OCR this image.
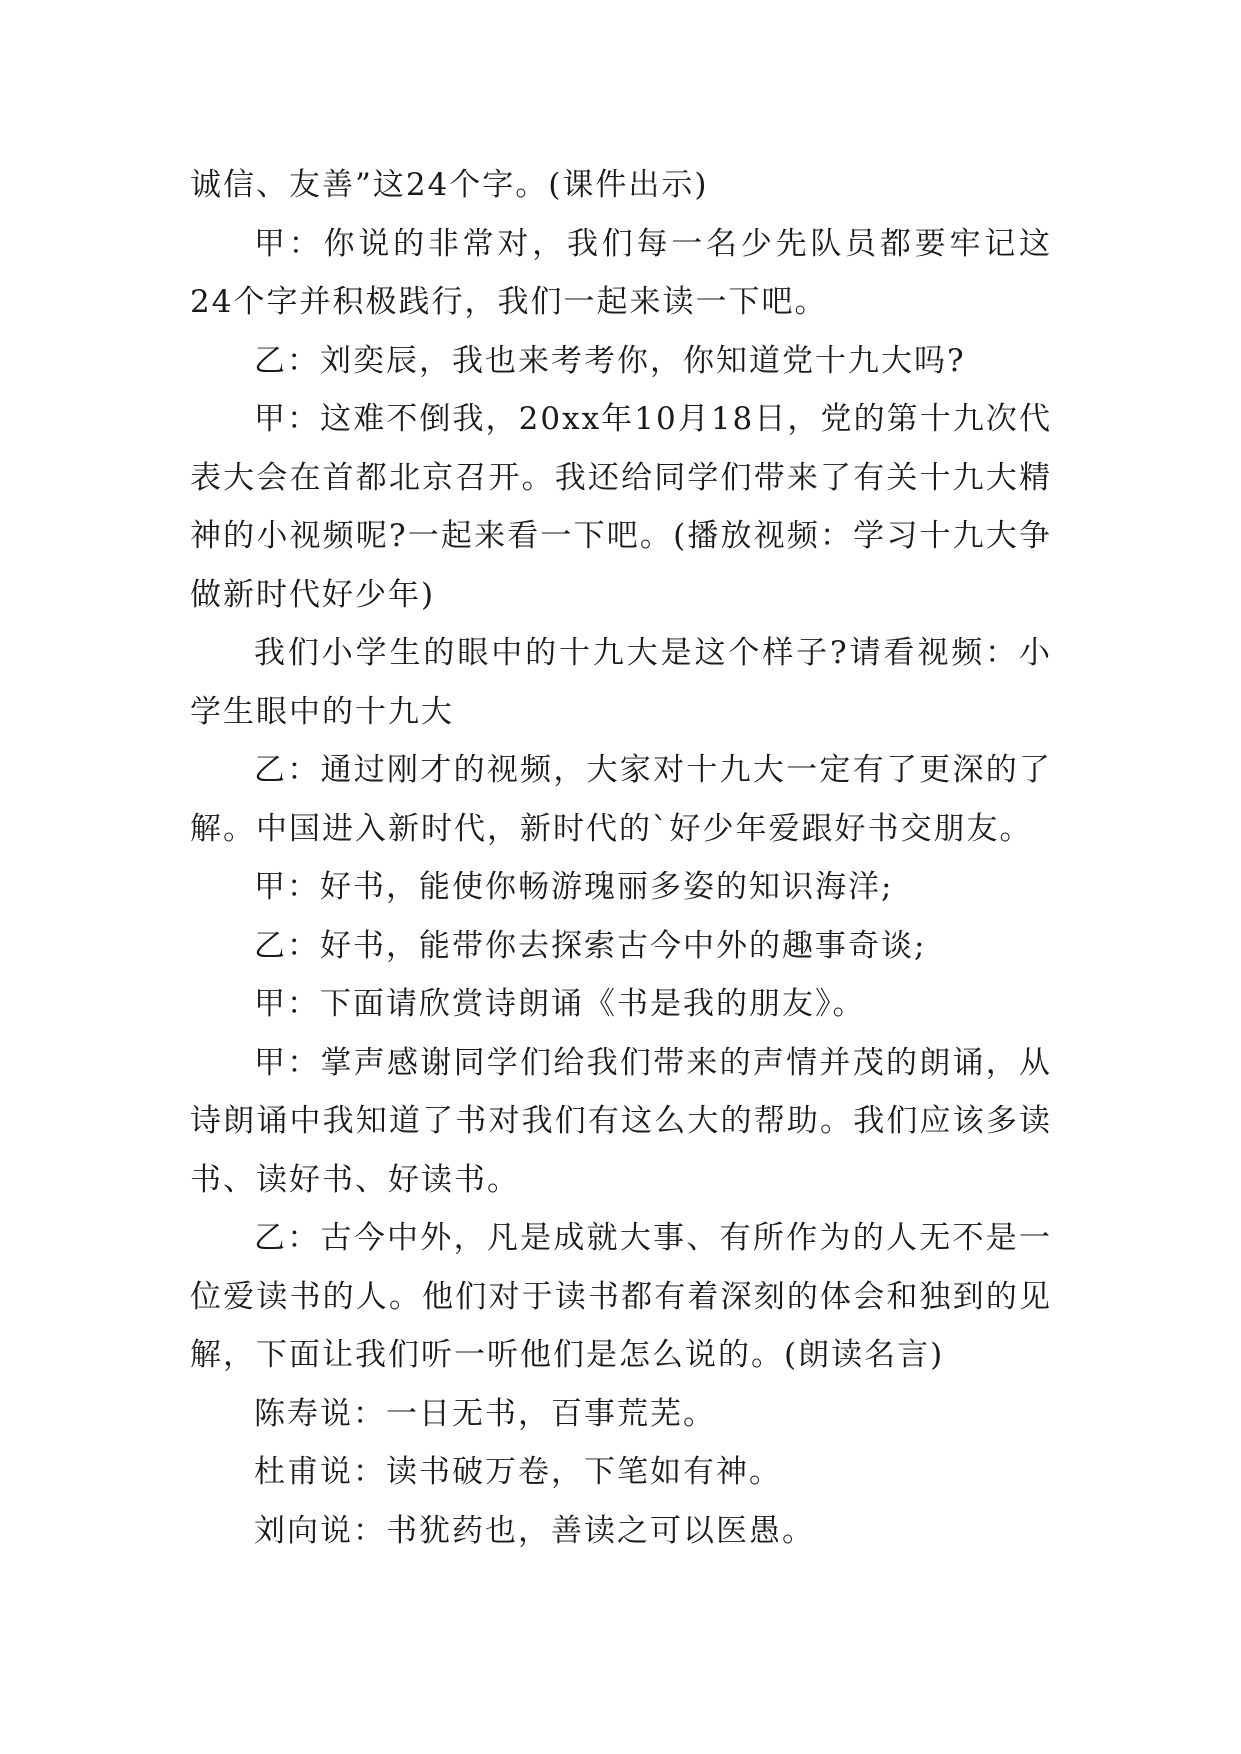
诚信、友善”这24个字。(课件出示)

甲：你说的非常对，我们每一名少先队员都要牢记这24个字并积极践行，我们一起来读一下吧。

乙：刘奕辰，我也来考考你，你知道党十九大吗?

甲：这难不倒我，20xx年10月18日，党的第十九次代表大会在首都北京召开。我还给同学们带来了有关十九大精神的小视频呢?一起来看一下吧。(播放视频：学习十九大争做新时代好少年)

我们小学生的眼中的十九大是这个样子?请看视频：小学生眼中的十九大

乙：通过刚才的视频，大家对十九大一定有了更深的了解。中国进入新时代，新时代的`好少年爱跟好书交朋友。

甲：好书，能使你畅游瑰丽多姿的知识海洋;

乙：好书，能带你去探索古今中外的趣事奇谈;

甲：下面请欣赏诗朗诵《书是我的朋友》。

甲：掌声感谢同学们给我们带来的声情并茂的朗诵，从诗朗诵中我知道了书对我们有这么大的帮助。我们应该多读书、读好书、好读书。

乙：古今中外，凡是成就大事、有所作为的人无不是一位爱读书的人。他们对于读书都有着深刻的体会和独到的见解，下面让我们听一听他们是怎么说的。(朗读名言)

陈寿说：一日无书，百事荒芜。

杜甫说：读书破万卷，下笔如有神。

刘向说：书犹药也，善读之可以医愚。
